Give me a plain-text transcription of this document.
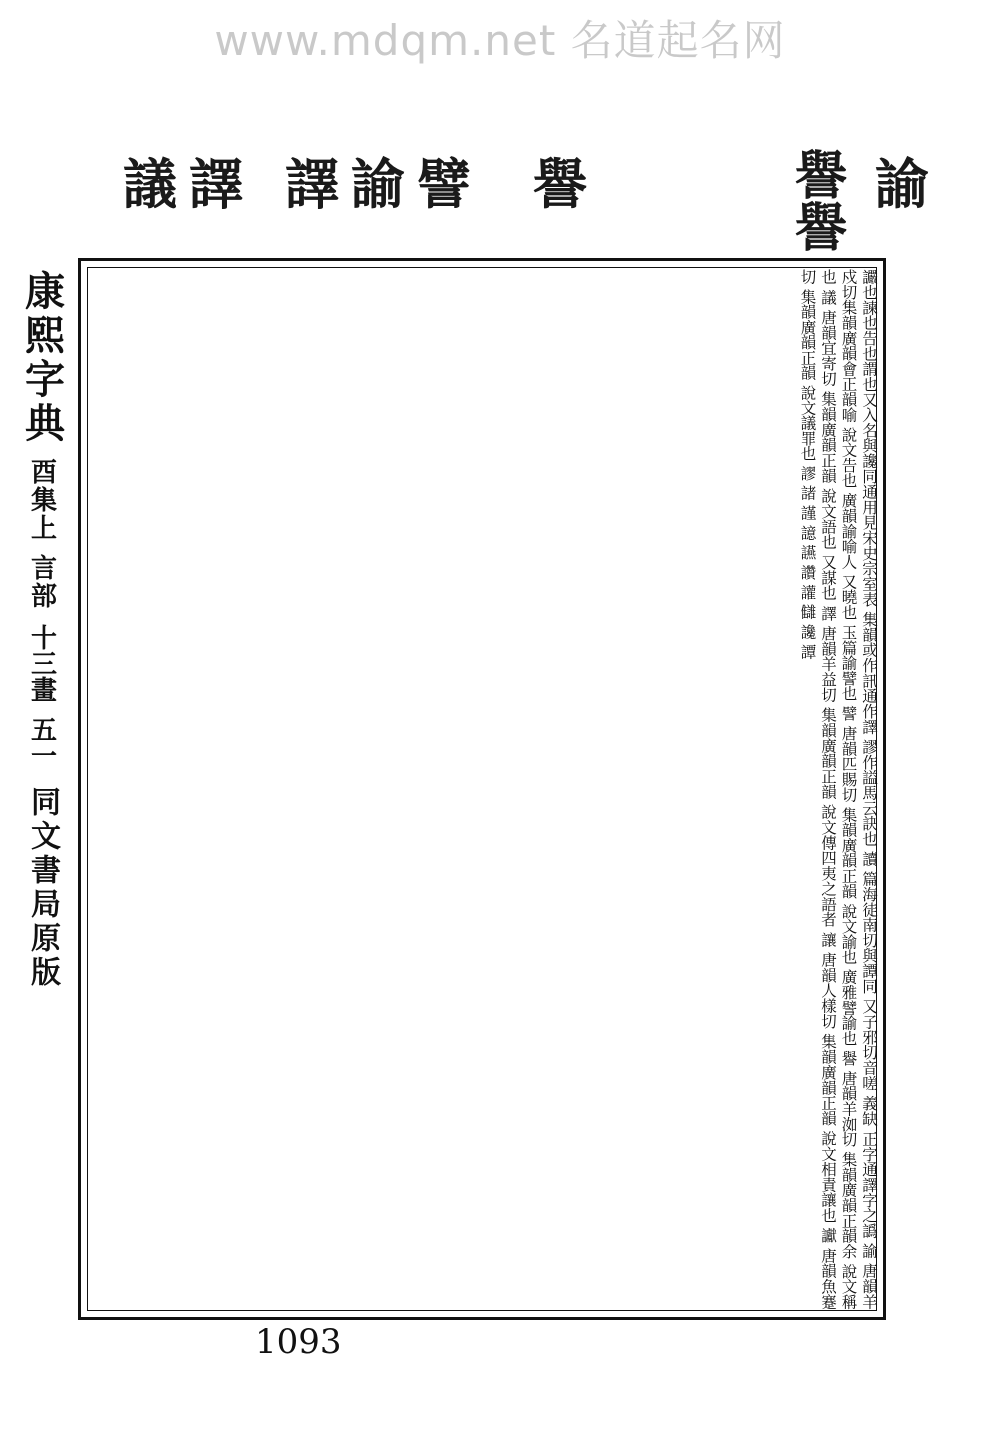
www.mdqm.net 名道起名网
議 譯 譯 諭 譬 譽	譽譽 諭
康熙字典
酉集上
言部
十三畫
五一
同文書局原版	讝也諫也告也謂也又入名與讒同通用見宋史宗室表 集韻或作訊通作譯 謬作謚馬云訣也 讀 篇海徒南切與譚同 又子邪切音嗟 義缺 正字通譯字之譌 諭 唐韻羊戍切集韻廣韻會正韻喻 說文告也 廣韻諭喻人 又曉也 玉篇諭譬也 譬 唐韻匹賜切 集韻廣韻正韻 說文諭也 廣雅譬諭也 譽 唐韻羊洳切 集韻廣韻正韻余 說文稱也 議 唐韻宜寄切 集韻廣韻正韻 說文語也 又謀也 譯 唐韻羊益切 集韻廣韻正韻 說文傳四夷之語者 讓 唐韻人樣切 集韻廣韻正韻 說文相責讓也 讞 唐韻魚蹇切 集韻廣韻正韻 說文議罪也 謬 諸 謹 譩 讌 讚 讙 讎 讒 譚
1093
